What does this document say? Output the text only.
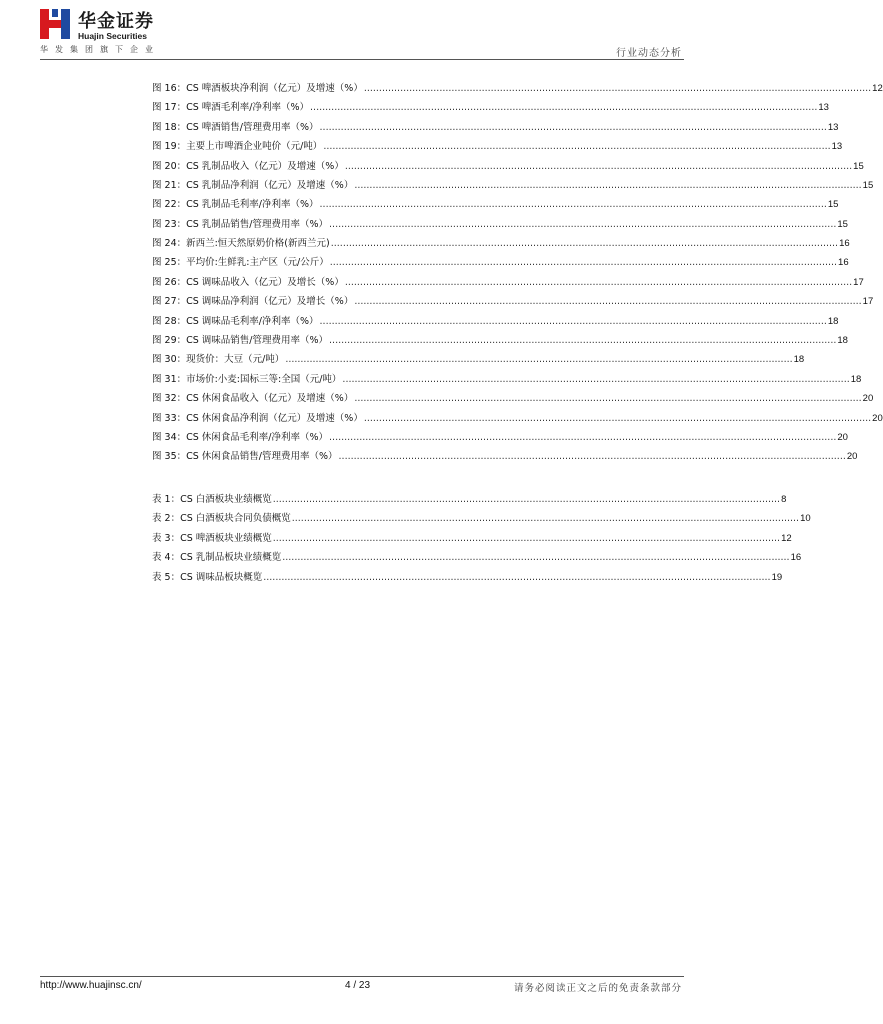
华金证券
Huajin Securities
华发集团旗下企业	行业动态分析
图 16：CS 啤酒板块净利润（亿元）及增速（%） ........................................................................................................................................................................ 12
图 17：CS 啤酒毛利率/净利率（%） ........................................................................................................................................................................ 13
图 18：CS 啤酒销售/管理费用率（%） ........................................................................................................................................................................ 13
图 19：主要上市啤酒企业吨价（元/吨） ........................................................................................................................................................................ 13
图 20：CS 乳制品收入（亿元）及增速（%） ........................................................................................................................................................................ 15
图 21：CS 乳制品净利润（亿元）及增速（%） ........................................................................................................................................................................ 15
图 22：CS 乳制品毛利率/净利率（%） ........................................................................................................................................................................ 15
图 23：CS 乳制品销售/管理费用率（%） ........................................................................................................................................................................ 15
图 24：新西兰:恒天然原奶价格(新西兰元) ........................................................................................................................................................................ 16
图 25：平均价:生鲜乳:主产区（元/公斤） ........................................................................................................................................................................ 16
图 26：CS 调味品收入（亿元）及增长（%） ........................................................................................................................................................................ 17
图 27：CS 调味品净利润（亿元）及增长（%） ........................................................................................................................................................................ 17
图 28：CS 调味品毛利率/净利率（%） ........................................................................................................................................................................ 18
图 29：CS 调味品销售/管理费用率（%） ........................................................................................................................................................................ 18
图 30：现货价：大豆（元/吨） ........................................................................................................................................................................ 18
图 31：市场价:小麦:国标三等:全国（元/吨） ........................................................................................................................................................................ 18
图 32：CS 休闲食品收入（亿元）及增速（%） ........................................................................................................................................................................ 20
图 33：CS 休闲食品净利润（亿元）及增速（%） ........................................................................................................................................................................ 20
图 34：CS 休闲食品毛利率/净利率（%） ........................................................................................................................................................................ 20
图 35：CS 休闲食品销售/管理费用率（%） ........................................................................................................................................................................ 20
表 1：CS 白酒板块业绩概览 ........................................................................................................................................................................ 8
表 2：CS 白酒板块合同负债概览 ........................................................................................................................................................................ 10
表 3：CS 啤酒板块业绩概览 ........................................................................................................................................................................ 12
表 4：CS 乳制品板块业绩概览 ........................................................................................................................................................................ 16
表 5：CS 调味品板块概览 ........................................................................................................................................................................ 19
http://www.huajinsc.cn/	4 / 23	请务必阅读正文之后的免责条款部分
